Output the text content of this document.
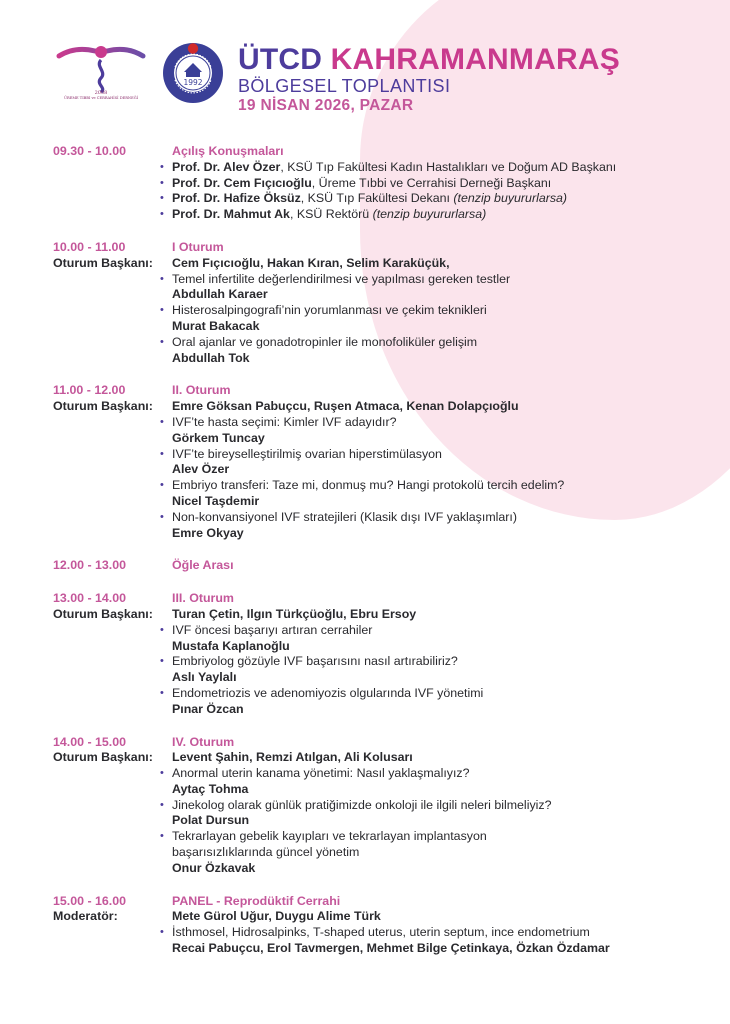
2008
ÜREME TIBBI ve CERRAHİSİ DERNEĞİ
1992
ÜTCD KAHRAMANMARAŞ
BÖLGESEL TOPLANTISI
19 NİSAN 2026, PAZAR
09.30 - 10.00	Açılış Konuşmaları
• Prof. Dr. Alev Özer, KSÜ Tıp Fakültesi Kadın Hastalıkları ve Doğum AD Başkanı
• Prof. Dr. Cem Fıçıcıoğlu, Üreme Tıbbi ve Cerrahisi Derneği Başkanı
• Prof. Dr. Hafize Öksüz, KSÜ Tıp Fakültesi Dekanı (tenzip buyururlarsa)
• Prof. Dr. Mahmut Ak, KSÜ Rektörü (tenzip buyururlarsa)
10.00 - 11.00	I Oturum
Oturum Başkanı: Cem Fıçıcıoğlu, Hakan Kıran, Selim Karaküçük,
• Temel infertilite değerlendirilmesi ve yapılması gereken testler
Abdullah Karaer
• Histerosalpingografi’nin yorumlanması ve çekim teknikleri
Murat Bakacak
• Oral ajanlar ve gonadotropinler ile monofoliküler gelişim
Abdullah Tok
11.00 - 12.00	II. Oturum
Oturum Başkanı: Emre Göksan Pabuçcu, Ruşen Atmaca, Kenan Dolapçıoğlu
• IVF’te hasta seçimi: Kimler IVF adayıdır?
Görkem Tuncay
• IVF’te bireyselleştirilmiş ovarian hiperstimülasyon
Alev Özer
• Embriyo transferi: Taze mi, donmuş mu? Hangi protokolü tercih edelim?
Nicel Taşdemir
• Non-konvansiyonel IVF stratejileri (Klasik dışı IVF yaklaşımları)
Emre Okyay
12.00 - 13.00	Öğle Arası
13.00 - 14.00	III. Oturum
Oturum Başkanı: Turan Çetin, Ilgın Türkçüoğlu, Ebru Ersoy
• IVF öncesi başarıyı artıran cerrahiler
Mustafa Kaplanoğlu
• Embriyolog gözüyle IVF başarısını nasıl artırabiliriz?
Aslı Yaylalı
• Endometriozis ve adenomiyozis olgularında IVF yönetimi
Pınar Özcan
14.00 - 15.00	IV. Oturum
Oturum Başkanı: Levent Şahin, Remzi Atılgan, Ali Kolusarı
• Anormal uterin kanama yönetimi: Nasıl yaklaşmalıyız?
Aytaç Tohma
• Jinekolog olarak günlük pratiğimizde onkoloji ile ilgili neleri bilmeliyiz?
Polat Dursun
• Tekrarlayan gebelik kayıpları ve tekrarlayan implantasyon
başarısızlıklarında güncel yönetim
Onur Özkavak
15.00 - 16.00	PANEL - Reprodüktif Cerrahi
Moderatör:	Mete Gürol Uğur, Duygu Alime Türk
• İsthmosel, Hidrosalpinks, T-shaped uterus, uterin septum, ince endometrium
Recai Pabuçcu, Erol Tavmergen, Mehmet Bilge Çetinkaya, Özkan Özdamar
